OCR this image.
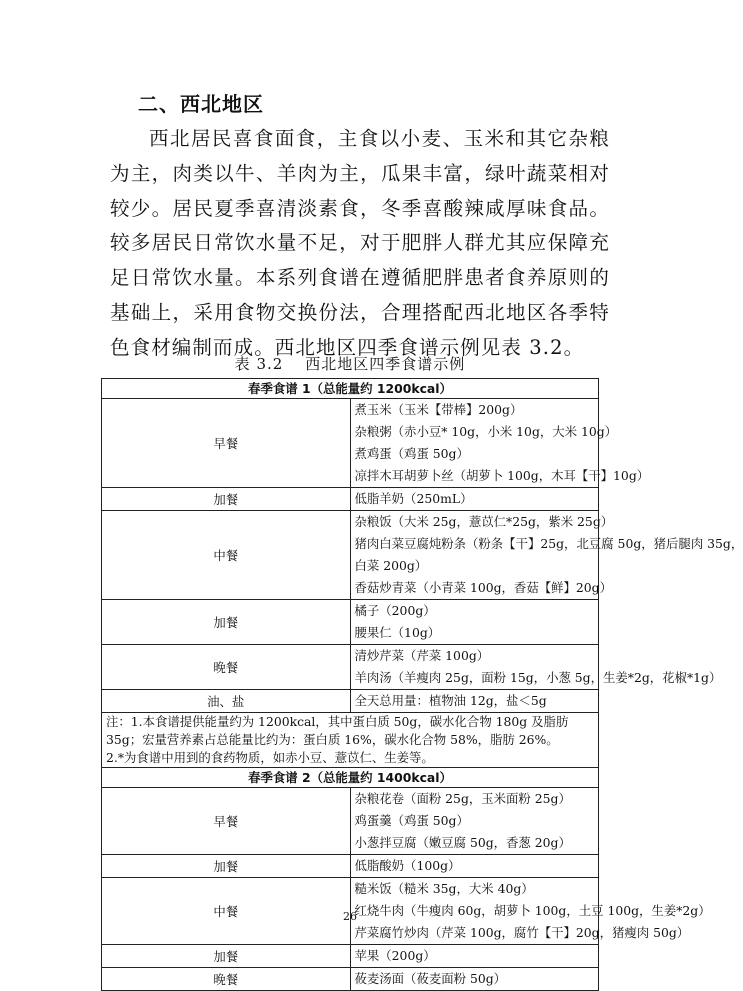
二、西北地区

西北居民喜食面食，主食以小麦、玉米和其它杂粮为主，肉类以牛、羊肉为主，瓜果丰富，绿叶蔬菜相对较少。居民夏季喜清淡素食，冬季喜酸辣咸厚味食品。较多居民日常饮水量不足，对于肥胖人群尤其应保障充足日常饮水量。本系列食谱在遵循肥胖患者食养原则的基础上，采用食物交换份法，合理搭配西北地区各季特色食材编制而成。西北地区四季食谱示例见表 3.2。

表 3.2 西北地区四季食谱示例
春季食谱 1（总能量约 1200kcal）	
早餐	煮玉米（玉米【带棒】200g）
杂粮粥（赤小豆* 10g，小米 10g，大米 10g）
煮鸡蛋（鸡蛋 50g）
凉拌木耳胡萝卜丝（胡萝卜 100g，木耳【干】10g）

加餐	低脂羊奶（250mL）

中餐	杂粮饭（大米 25g，薏苡仁*25g，紫米 25g）
猪肉白菜豆腐炖粉条（粉条【干】25g，北豆腐 50g，猪后腿肉 35g，
白菜 200g）
香菇炒青菜（小青菜 100g，香菇【鲜】20g）

加餐	橘子（200g）
腰果仁（10g）

晚餐	清炒芹菜（芹菜 100g）
羊肉汤（羊瘦肉 25g，面粉 15g，小葱 5g，生姜*2g，花椒*1g）

油、盐	全天总用量：植物油 12g，盐＜5g

注：1.本食谱提供能量约为 1200kcal，其中蛋白质 50g，碳水化合物 180g 及脂肪
35g；宏量营养素占总能量比约为：蛋白质 16%，碳水化合物 58%，脂肪 26%。
2.*为食谱中用到的食药物质，如赤小豆、薏苡仁、生姜等。	

春季食谱 2（总能量约 1400kcal）	
早餐	杂粮花卷（面粉 25g，玉米面粉 25g）
鸡蛋羹（鸡蛋 50g）
小葱拌豆腐（嫩豆腐 50g，香葱 20g）

加餐	低脂酸奶（100g）

中餐	糙米饭（糙米 35g，大米 40g）
红烧牛肉（牛瘦肉 60g，胡萝卜 100g，土豆 100g，生姜*2g）
芹菜腐竹炒肉（芹菜 100g，腐竹【干】20g，猪瘦肉 50g）

加餐	苹果（200g）

晚餐	莜麦汤面（莜麦面粉 50g）
26
